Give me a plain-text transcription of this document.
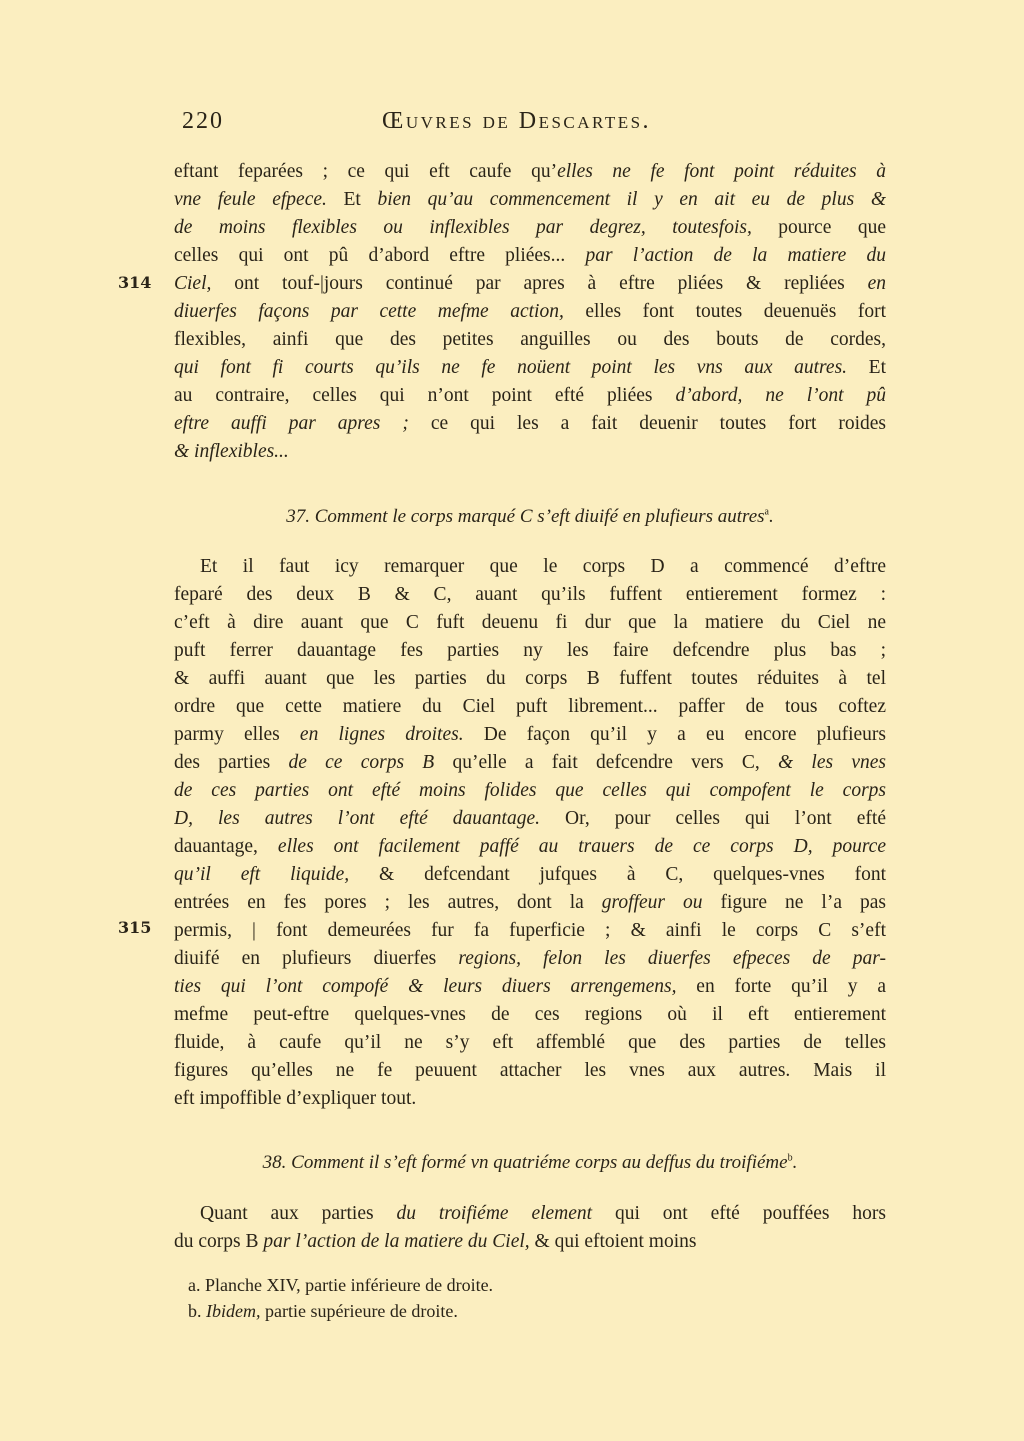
220	Œuvres de Descartes.
eftant feparées ; ce qui eft caufe qu’elles ne fe font point réduites à
vne feule efpece. Et bien qu’au commencement il y en ait eu de plus &
de moins flexibles ou inflexibles par degrez, toutesfois, pource que
celles qui ont pû d’abord eftre pliées... par l’action de la matiere du
Ciel, ont touf-|jours continué par apres à eftre pliées & repliées en
diuerfes façons par cette mefme action, elles font toutes deuenuës fort
flexibles, ainfi que des petites anguilles ou des bouts de cordes,
qui font fi courts qu’ils ne fe noüent point les vns aux autres. Et
au contraire, celles qui n’ont point efté pliées d’abord, ne l’ont pû
eftre auffi par apres ; ce qui les a fait deuenir toutes fort roides
& inflexibles...
314
37. Comment le corps marqué C s’eft diuifé en plufieurs autres$^a$.
Et il faut icy remarquer que le corps D a commencé d’eftre
feparé des deux B & C, auant qu’ils fuffent entierement formez :
c’eft à dire auant que C fuft deuenu fi dur que la matiere du Ciel ne
puft ferrer dauantage fes parties ny les faire defcendre plus bas ;
& auffi auant que les parties du corps B fuffent toutes réduites à tel
ordre que cette matiere du Ciel puft librement... paffer de tous coftez
parmy elles en lignes droites. De façon qu’il y a eu encore plufieurs
des parties de ce corps B qu’elle a fait defcendre vers C, & les vnes
de ces parties ont efté moins folides que celles qui compofent le corps
D, les autres l’ont efté dauantage. Or, pour celles qui l’ont efté
dauantage, elles ont facilement paffé au trauers de ce corps D, pource
qu’il eft liquide, & defcendant jufques à C, quelques-vnes font
entrées en fes pores ; les autres, dont la groffeur ou figure ne l’a pas
permis, | font demeurées fur fa fuperficie ; & ainfi le corps C s’eft
diuifé en plufieurs diuerfes regions, felon les diuerfes efpeces de par-
ties qui l’ont compofé & leurs diuers arrengemens, en forte qu’il y a
mefme peut-eftre quelques-vnes de ces regions où il eft entierement
fluide, à caufe qu’il ne s’y eft affemblé que des parties de telles
figures qu’elles ne fe peuuent attacher les vnes aux autres. Mais il
eft impoffible d’expliquer tout.
315
38. Comment il s’eft formé vn quatriéme corps au deffus du troifiéme$^b$.
Quant aux parties du troifiéme element qui ont efté pouffées hors
du corps B par l’action de la matiere du Ciel, & qui eftoient moins
a. Planche XIV, partie inférieure de droite.
b. Ibidem, partie supérieure de droite.
